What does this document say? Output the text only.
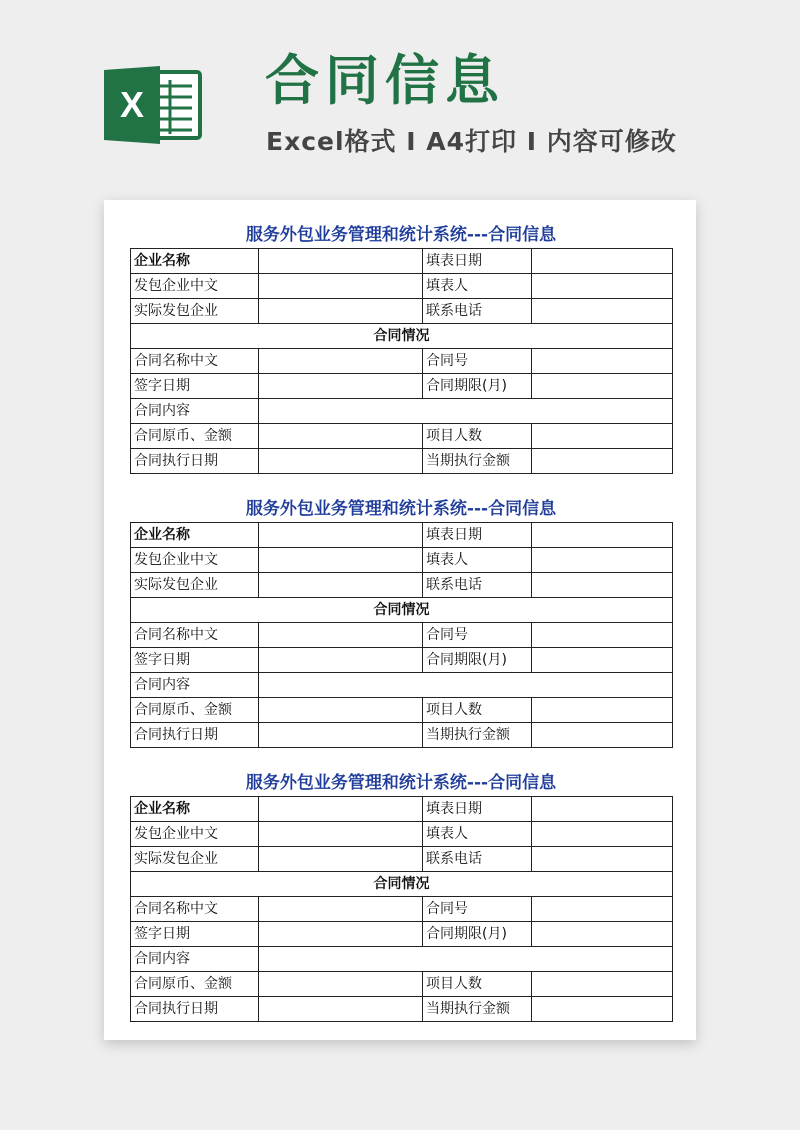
X 合同信息
Excel格式 I A4打印 I 内容可修改
服务外包业务管理和统计系统---合同信息
企业名称		填表日期	
发包企业中文		填表人	
实际发包企业		联系电话	
合同情况			
合同名称中文		合同号	
签字日期		合同期限(月)	
合同内容			
合同原币、金额		项目人数	
合同执行日期		当期执行金额	
服务外包业务管理和统计系统---合同信息
企业名称		填表日期	
发包企业中文		填表人	
实际发包企业		联系电话	
合同情况			
合同名称中文		合同号	
签字日期		合同期限(月)	
合同内容			
合同原币、金额		项目人数	
合同执行日期		当期执行金额	
服务外包业务管理和统计系统---合同信息
企业名称		填表日期	
发包企业中文		填表人	
实际发包企业		联系电话	
合同情况			
合同名称中文		合同号	
签字日期		合同期限(月)	
合同内容			
合同原币、金额		项目人数	
合同执行日期		当期执行金额	
